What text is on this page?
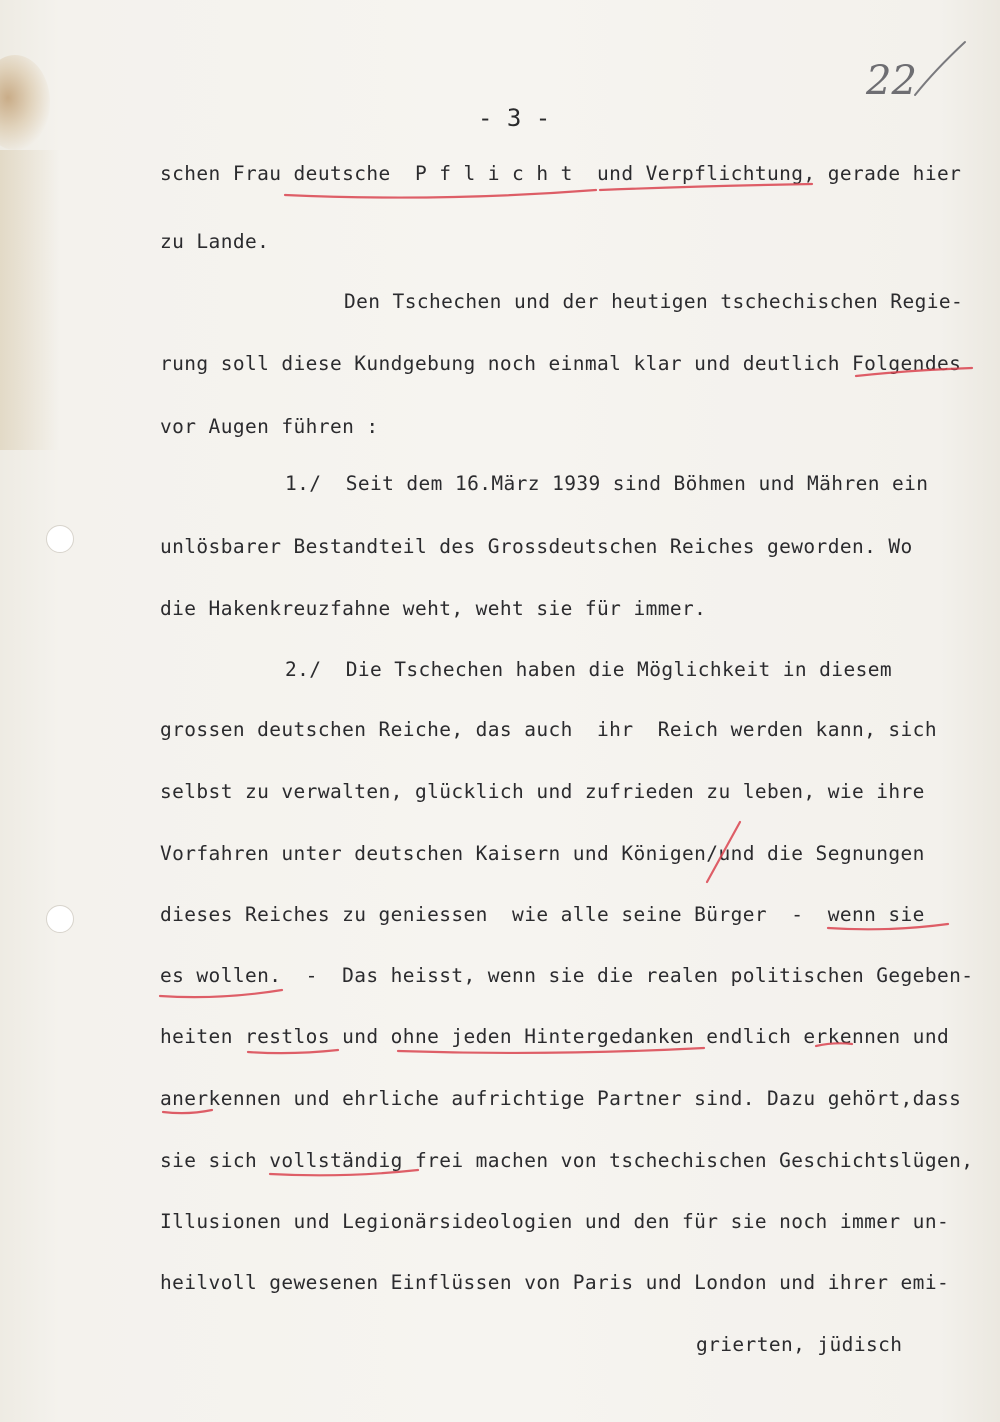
- 3 -
22
schen Frau deutsche  P f l i c h t  und Verpflichtung, gerade hier
zu Lande.
Den Tschechen und der heutigen tschechischen Regie-
rung soll diese Kundgebung noch einmal klar und deutlich Folgendes
vor Augen führen :
1./  Seit dem 16.März 1939 sind Böhmen und Mähren ein
unlösbarer Bestandteil des Grossdeutschen Reiches geworden. Wo
die Hakenkreuzfahne weht, weht sie für immer.
2./  Die Tschechen haben die Möglichkeit in diesem
grossen deutschen Reiche, das auch  ihr  Reich werden kann, sich
selbst zu verwalten, glücklich und zufrieden zu leben, wie ihre
Vorfahren unter deutschen Kaisern und Königen/und die Segnungen
dieses Reiches zu geniessen  wie alle seine Bürger  -  wenn sie
es wollen.  -  Das heisst, wenn sie die realen politischen Gegeben-
heiten restlos und ohne jeden Hintergedanken endlich erkennen und
anerkennen und ehrliche aufrichtige Partner sind. Dazu gehört,dass
sie sich vollständig frei machen von tschechischen Geschichtslügen,
Illusionen und Legionärsideologien und den für sie noch immer un-
heilvoll gewesenen Einflüssen von Paris und London und ihrer emi-
grierten, jüdisch
